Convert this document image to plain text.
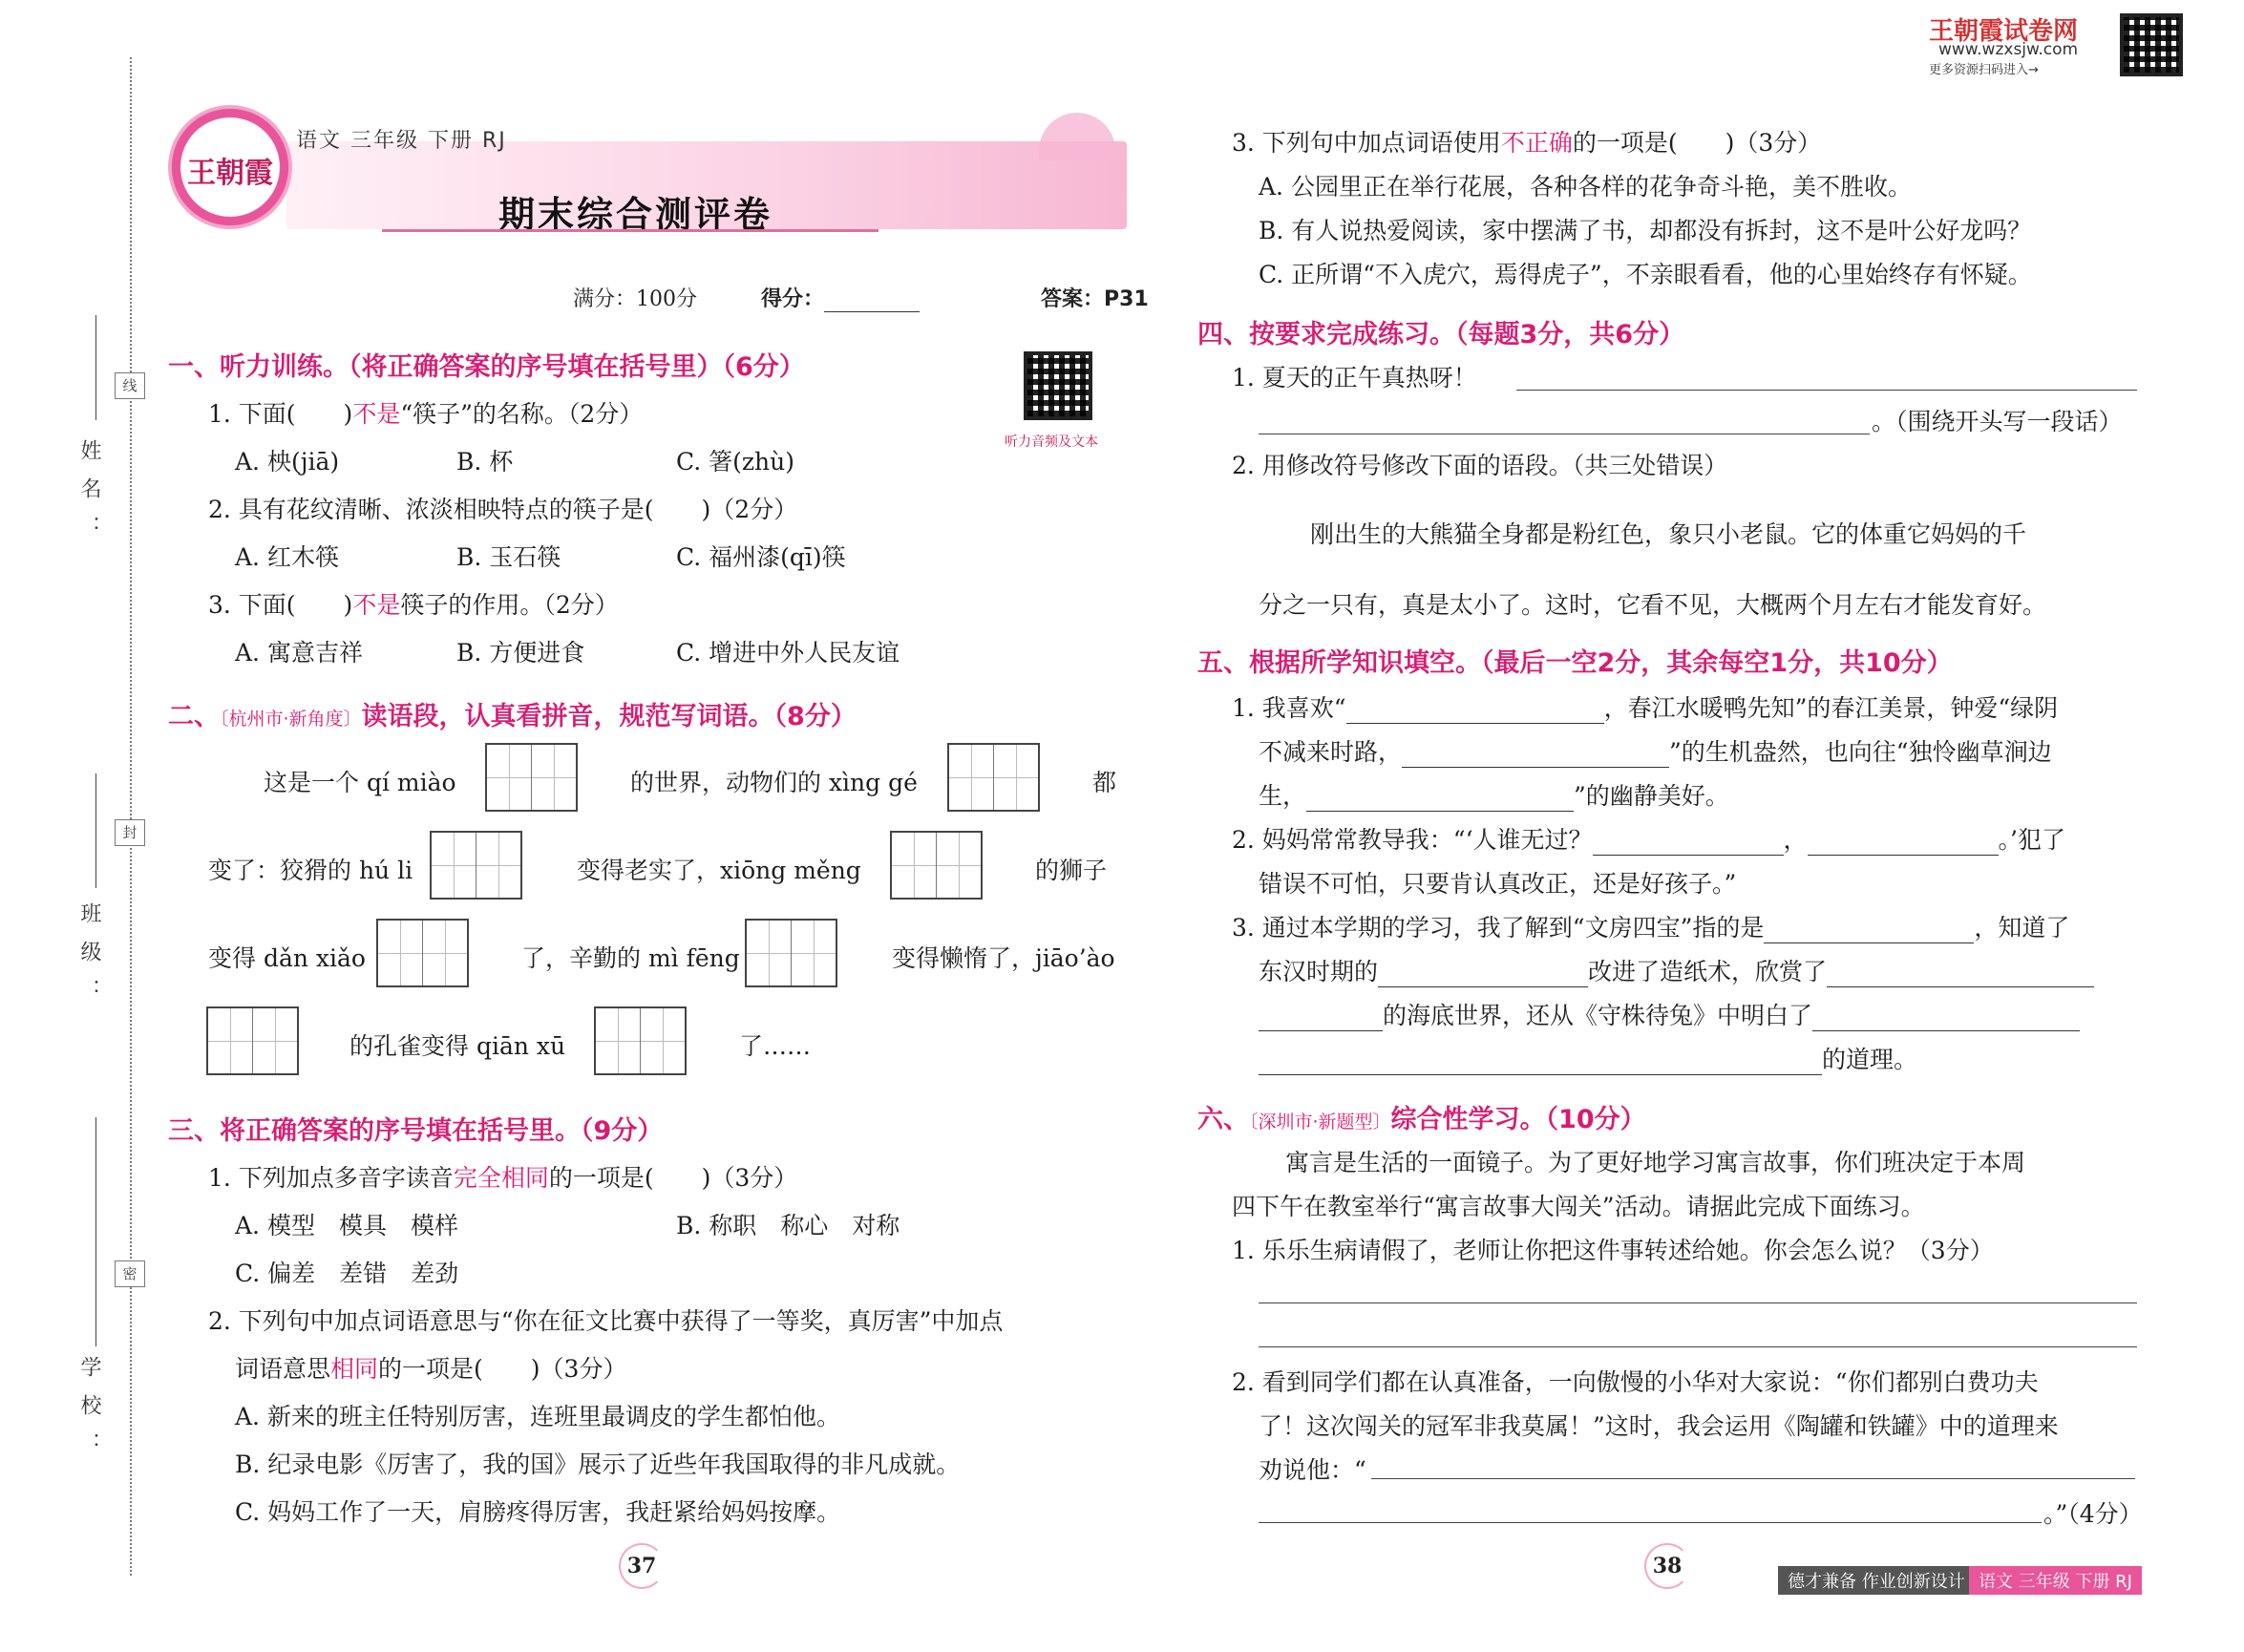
姓名：
班级：
学校：
线
封
密
王朝霞试卷网
www.wzxsjw.com
更多资源扫码进入→
王朝霞
语文 三年级 下册 RJ
期末综合测评卷
满分：100分	得分：	答案：P31
听力音频及文本
一、听力训练。（将正确答案的序号填在括号里）（6分）
1. 下面(　　)不是“筷子”的名称。（2分）
A. 柍(jiā)	B. 杯	C. 箸(zhù)
2. 具有花纹清晰、浓淡相映特点的筷子是(　　)（2分）
A. 红木筷	B. 玉石筷	C. 福州漆(qī)筷
3. 下面(　　)不是筷子的作用。（2分）
A. 寓意吉祥	B. 方便进食	C. 增进中外人民友谊
二、〔杭州市·新角度〕读语段，认真看拼音，规范写词语。（8分）
这是一个 qí miào	的世界，动物们的 xìng gé	都
变了：狡猾的 hú li	变得老实了，xiōng měng	的狮子
变得 dǎn xiǎo	了，辛勤的 mì fēng	变得懒惰了，jiāo’ào
的孔雀变得 qiān xū	了……
三、将正确答案的序号填在括号里。（9分）
1. 下列加点多音字读音完全相同的一项是(　　)（3分）
A. 模型　模具　模样	B. 称职　称心　对称
C. 偏差　差错　差劲
2. 下列句中加点词语意思与“你在征文比赛中获得了一等奖，真厉害”中加点
词语意思相同的一项是(　　)（3分）
A. 新来的班主任特别厉害，连班里最调皮的学生都怕他。
B. 纪录电影《厉害了，我的国》展示了近些年我国取得的非凡成就。
C. 妈妈工作了一天，肩膀疼得厉害，我赶紧给妈妈按摩。
37
3. 下列句中加点词语使用不正确的一项是(　　)（3分）
A. 公园里正在举行花展，各种各样的花争奇斗艳，美不胜收。
B. 有人说热爱阅读，家中摆满了书，却都没有拆封，这不是叶公好龙吗？
C. 正所谓“不入虎穴，焉得虎子”，不亲眼看看，他的心里始终存有怀疑。
四、按要求完成练习。（每题3分，共6分）
1. 夏天的正午真热呀！
。（围绕开头写一段话）
2. 用修改符号修改下面的语段。（共三处错误）
刚出生的大熊猫全身都是粉红色，象只小老鼠。它的体重它妈妈的千
分之一只有，真是太小了。这时，它看不见，大概两个月左右才能发育好。
五、根据所学知识填空。（最后一空2分，其余每空1分，共10分）
1. 我喜欢“	，春江水暖鸭先知”的春江美景，钟爱“绿阴
不减来时路，	”的生机盎然，也向往“独怜幽草涧边
生，	”的幽静美好。
2. 妈妈常常教导我：“‘人谁无过？	，	。’犯了
错误不可怕，只要肯认真改正，还是好孩子。”
3. 通过本学期的学习，我了解到“文房四宝”指的是	，知道了
东汉时期的	改进了造纸术，欣赏了
的海底世界，还从《守株待兔》中明白了
的道理。
六、〔深圳市·新题型〕综合性学习。（10分）
寓言是生活的一面镜子。为了更好地学习寓言故事，你们班决定于本周
四下午在教室举行“寓言故事大闯关”活动。请据此完成下面练习。
1. 乐乐生病请假了，老师让你把这件事转述给她。你会怎么说？（3分）
2. 看到同学们都在认真准备，一向傲慢的小华对大家说：“你们都别白费功夫
了！这次闯关的冠军非我莫属！”这时，我会运用《陶罐和铁罐》中的道理来
劝说他：“
。”（4分）
38
德才兼备 作业创新设计 语文 三年级 下册 RJ
